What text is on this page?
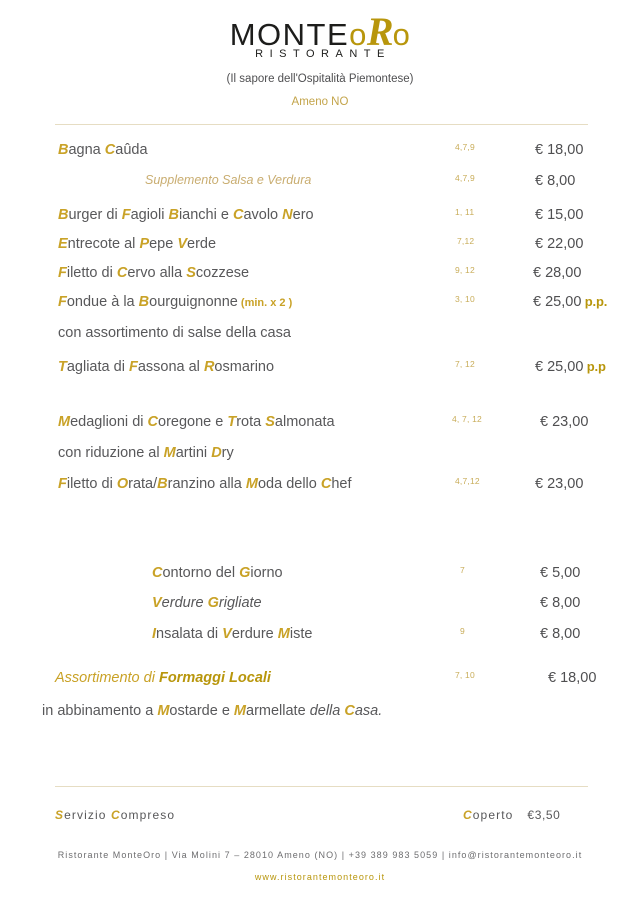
MONTEoRo
RISTORANTE
(Il sapore dell'Ospitalità Piemontese)
Ameno NO
Bagna Caûda	4,7,9	€ 18,00
Supplemento Salsa e Verdura	4,7,9	€ 8,00
Burger di Fagioli Bianchi e Cavolo Nero	1, 11	€ 15,00
Entrecote al Pepe Verde	7,12	€ 22,00
Filetto di Cervo alla Scozzese	9, 12	€ 28,00
Fondue à la Bourguignonne (min. x 2 )	3, 10	€ 25,00 p.p.
con assortimento di salse della casa
Tagliata di Fassona al Rosmarino	7, 12	€ 25,00 p.p
Medaglioni di Coregone e Trota Salmonata	4, 7, 12	€ 23,00
con riduzione al Martini Dry
Filetto di Orata/Branzino alla Moda dello Chef	4,7,12	€ 23,00
Contorno del Giorno	7	€ 5,00
Verdure Grigliate	€ 8,00
Insalata di Verdure Miste	9	€ 8,00
Assortimento di Formaggi Locali	7, 10	€ 18,00
in abbinamento a Mostarde e Marmellate della Casa.
Servizio Compreso	Coperto €3,50
Ristorante MonteOro | Via Molini 7 – 28010 Ameno (NO) | +39 389 983 5059 | info@ristorantemonteoro.it
www.ristorantemonteoro.it
